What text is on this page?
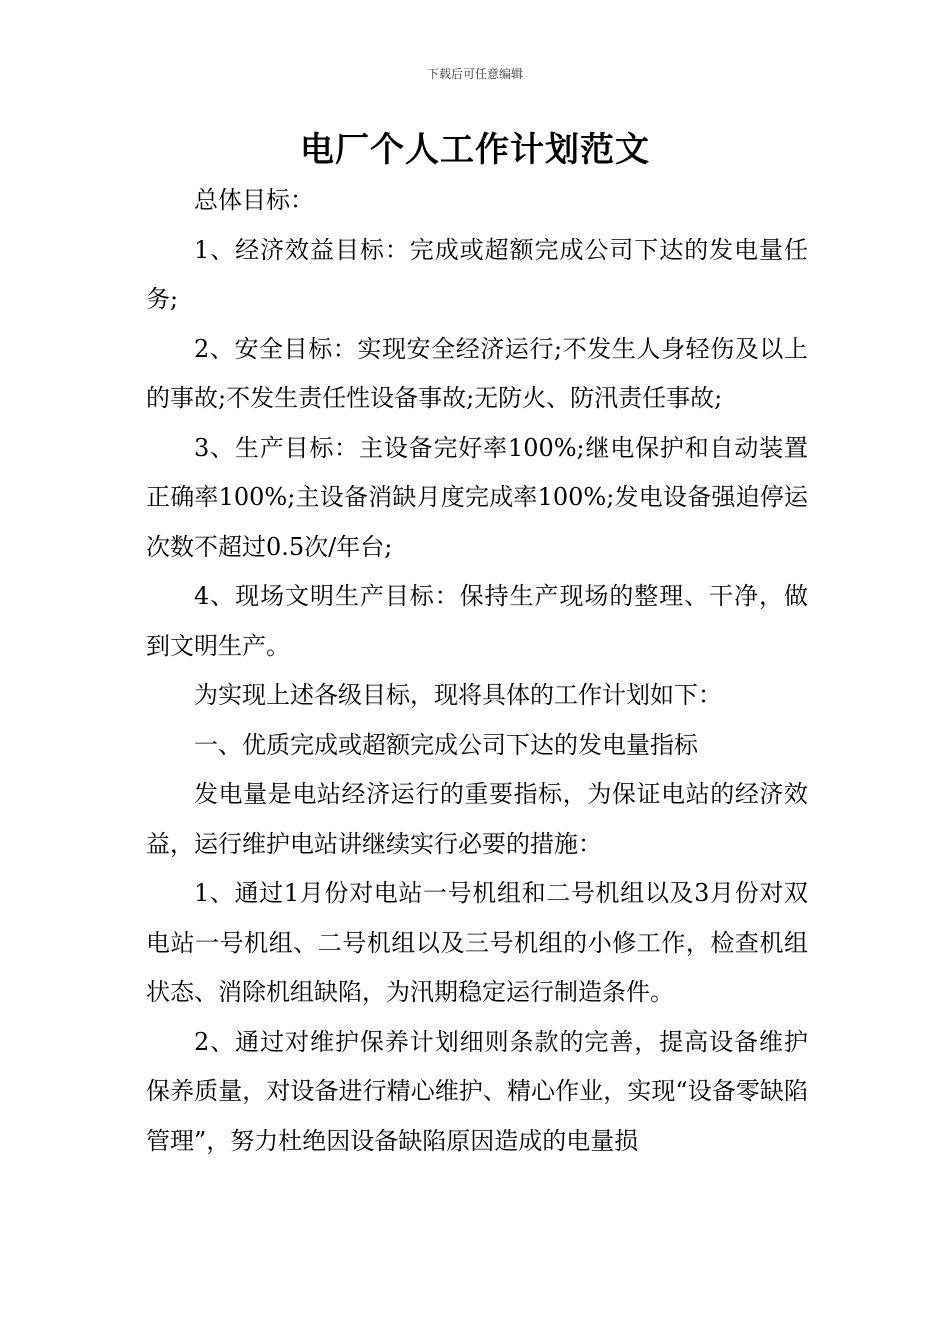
下载后可任意编辑
电厂个人工作计划范文

总体目标：

1、经济效益目标：完成或超额完成公司下达的发电量任务;

2、安全目标：实现安全经济运行;不发生人身轻伤及以上的事故;不发生责任性设备事故;无防火、防汛责任事故;

3、生产目标：主设备完好率100%;继电保护和自动装置正确率100%;主设备消缺月度完成率100%;发电设备强迫停运次数不超过0.5次/年台;

4、现场文明生产目标：保持生产现场的整理、干净，做到文明生产。

为实现上述各级目标，现将具体的工作计划如下：

一、优质完成或超额完成公司下达的发电量指标

发电量是电站经济运行的重要指标，为保证电站的经济效益，运行维护电站讲继续实行必要的措施：

1、通过1月份对电站一号机组和二号机组以及3月份对双电站一号机组、二号机组以及三号机组的小修工作，检查机组状态、消除机组缺陷，为汛期稳定运行制造条件。

2、通过对维护保养计划细则条款的完善，提高设备维护保养质量，对设备进行精心维护、精心作业，实现“设备零缺陷管理”，努力杜绝因设备缺陷原因造成的电量损
